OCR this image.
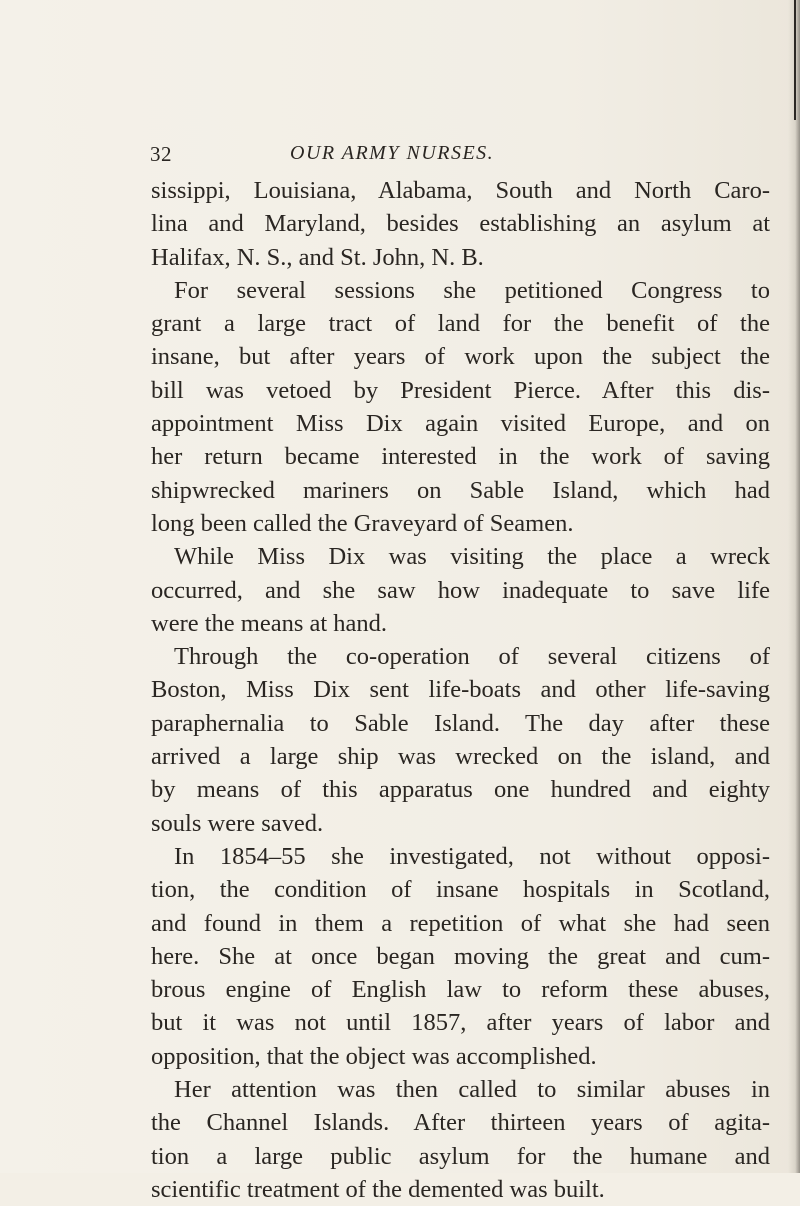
32	OUR ARMY NURSES.
sissippi, Louisiana, Alabama, South and North Caro-
lina and Maryland, besides establishing an asylum at
Halifax, N. S., and St. John, N. B.
For several sessions she petitioned Congress to
grant a large tract of land for the benefit of the
insane, but after years of work upon the subject the
bill was vetoed by President Pierce. After this dis-
appointment Miss Dix again visited Europe, and on
her return became interested in the work of saving
shipwrecked mariners on Sable Island, which had
long been called the Graveyard of Seamen.
While Miss Dix was visiting the place a wreck
occurred, and she saw how inadequate to save life
were the means at hand.
Through the co-operation of several citizens of
Boston, Miss Dix sent life-boats and other life-saving
paraphernalia to Sable Island. The day after these
arrived a large ship was wrecked on the island, and
by means of this apparatus one hundred and eighty
souls were saved.
In 1854–55 she investigated, not without opposi-
tion, the condition of insane hospitals in Scotland,
and found in them a repetition of what she had seen
here. She at once began moving the great and cum-
brous engine of English law to reform these abuses,
but it was not until 1857, after years of labor and
opposition, that the object was accomplished.
Her attention was then called to similar abuses in
the Channel Islands. After thirteen years of agita-
tion a large public asylum for the humane and
scientific treatment of the demented was built.
